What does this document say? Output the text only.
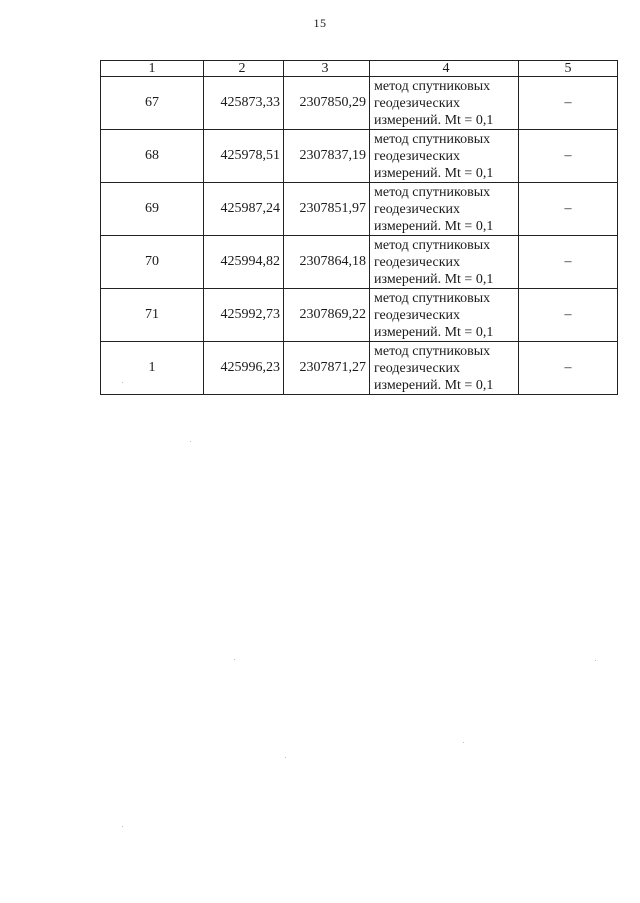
15
1	2	3	4	5
67	425873,33	2307850,29	метод спутниковых
геодезических
измерений. Mt = 0,1	–
68	425978,51	2307837,19	метод спутниковых
геодезических
измерений. Mt = 0,1	–
69	425987,24	2307851,97	метод спутниковых
геодезических
измерений. Mt = 0,1	–
70	425994,82	2307864,18	метод спутниковых
геодезических
измерений. Mt = 0,1	–
71	425992,73	2307869,22	метод спутниковых
геодезических
измерений. Mt = 0,1	–
1	425996,23	2307871,27	метод спутниковых
геодезических
измерений. Mt = 0,1	–
